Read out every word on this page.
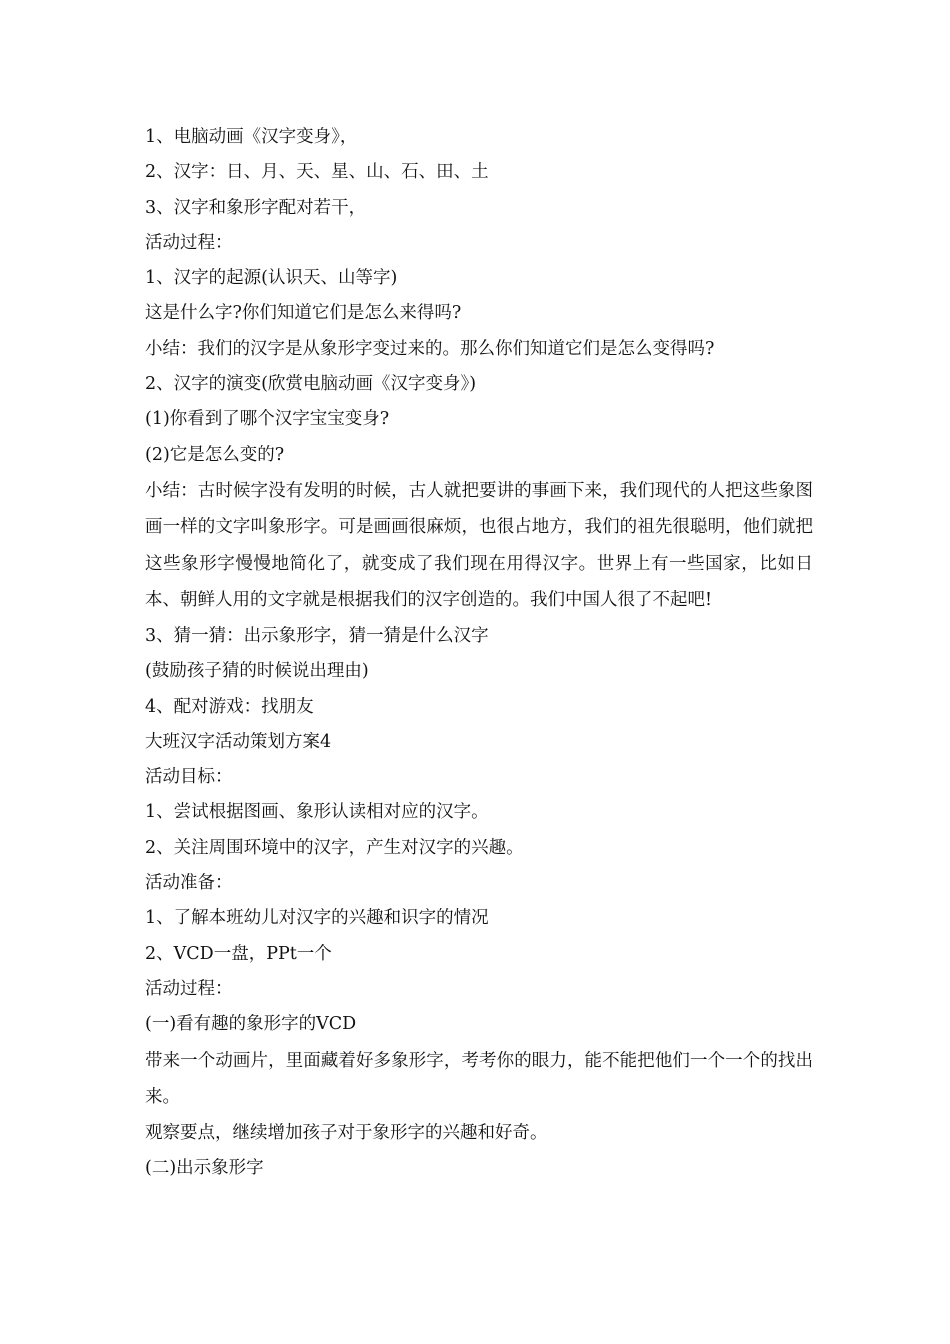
1、电脑动画《汉字变身》，
2、汉字：日、月、天、星、山、石、田、土
3、汉字和象形字配对若干，
活动过程：
1、汉字的起源(认识天、山等字)
这是什么字?你们知道它们是怎么来得吗?
小结：我们的汉字是从象形字变过来的。那么你们知道它们是怎么变得吗?
2、汉字的演变(欣赏电脑动画《汉字变身》)
(1)你看到了哪个汉字宝宝变身?
(2)它是怎么变的?
小结：古时候字没有发明的时候，古人就把要讲的事画下来，我们现代的人把这些象图画一样的文字叫象形字。可是画画很麻烦，也很占地方，我们的祖先很聪明，他们就把这些象形字慢慢地简化了，就变成了我们现在用得汉字。世界上有一些国家，比如日本、朝鲜人用的文字就是根据我们的汉字创造的。我们中国人很了不起吧!
3、猜一猜：出示象形字，猜一猜是什么汉字
(鼓励孩子猜的时候说出理由)
4、配对游戏：找朋友
大班汉字活动策划方案4
活动目标：
1、尝试根据图画、象形认读相对应的汉字。
2、关注周围环境中的汉字，产生对汉字的兴趣。
活动准备：
1、了解本班幼儿对汉字的兴趣和识字的情况
2、VCD一盘，PPt一个
活动过程：
(一)看有趣的象形字的VCD
带来一个动画片，里面藏着好多象形字，考考你的眼力，能不能把他们一个一个的找出来。
观察要点，继续增加孩子对于象形字的兴趣和好奇。
(二)出示象形字
